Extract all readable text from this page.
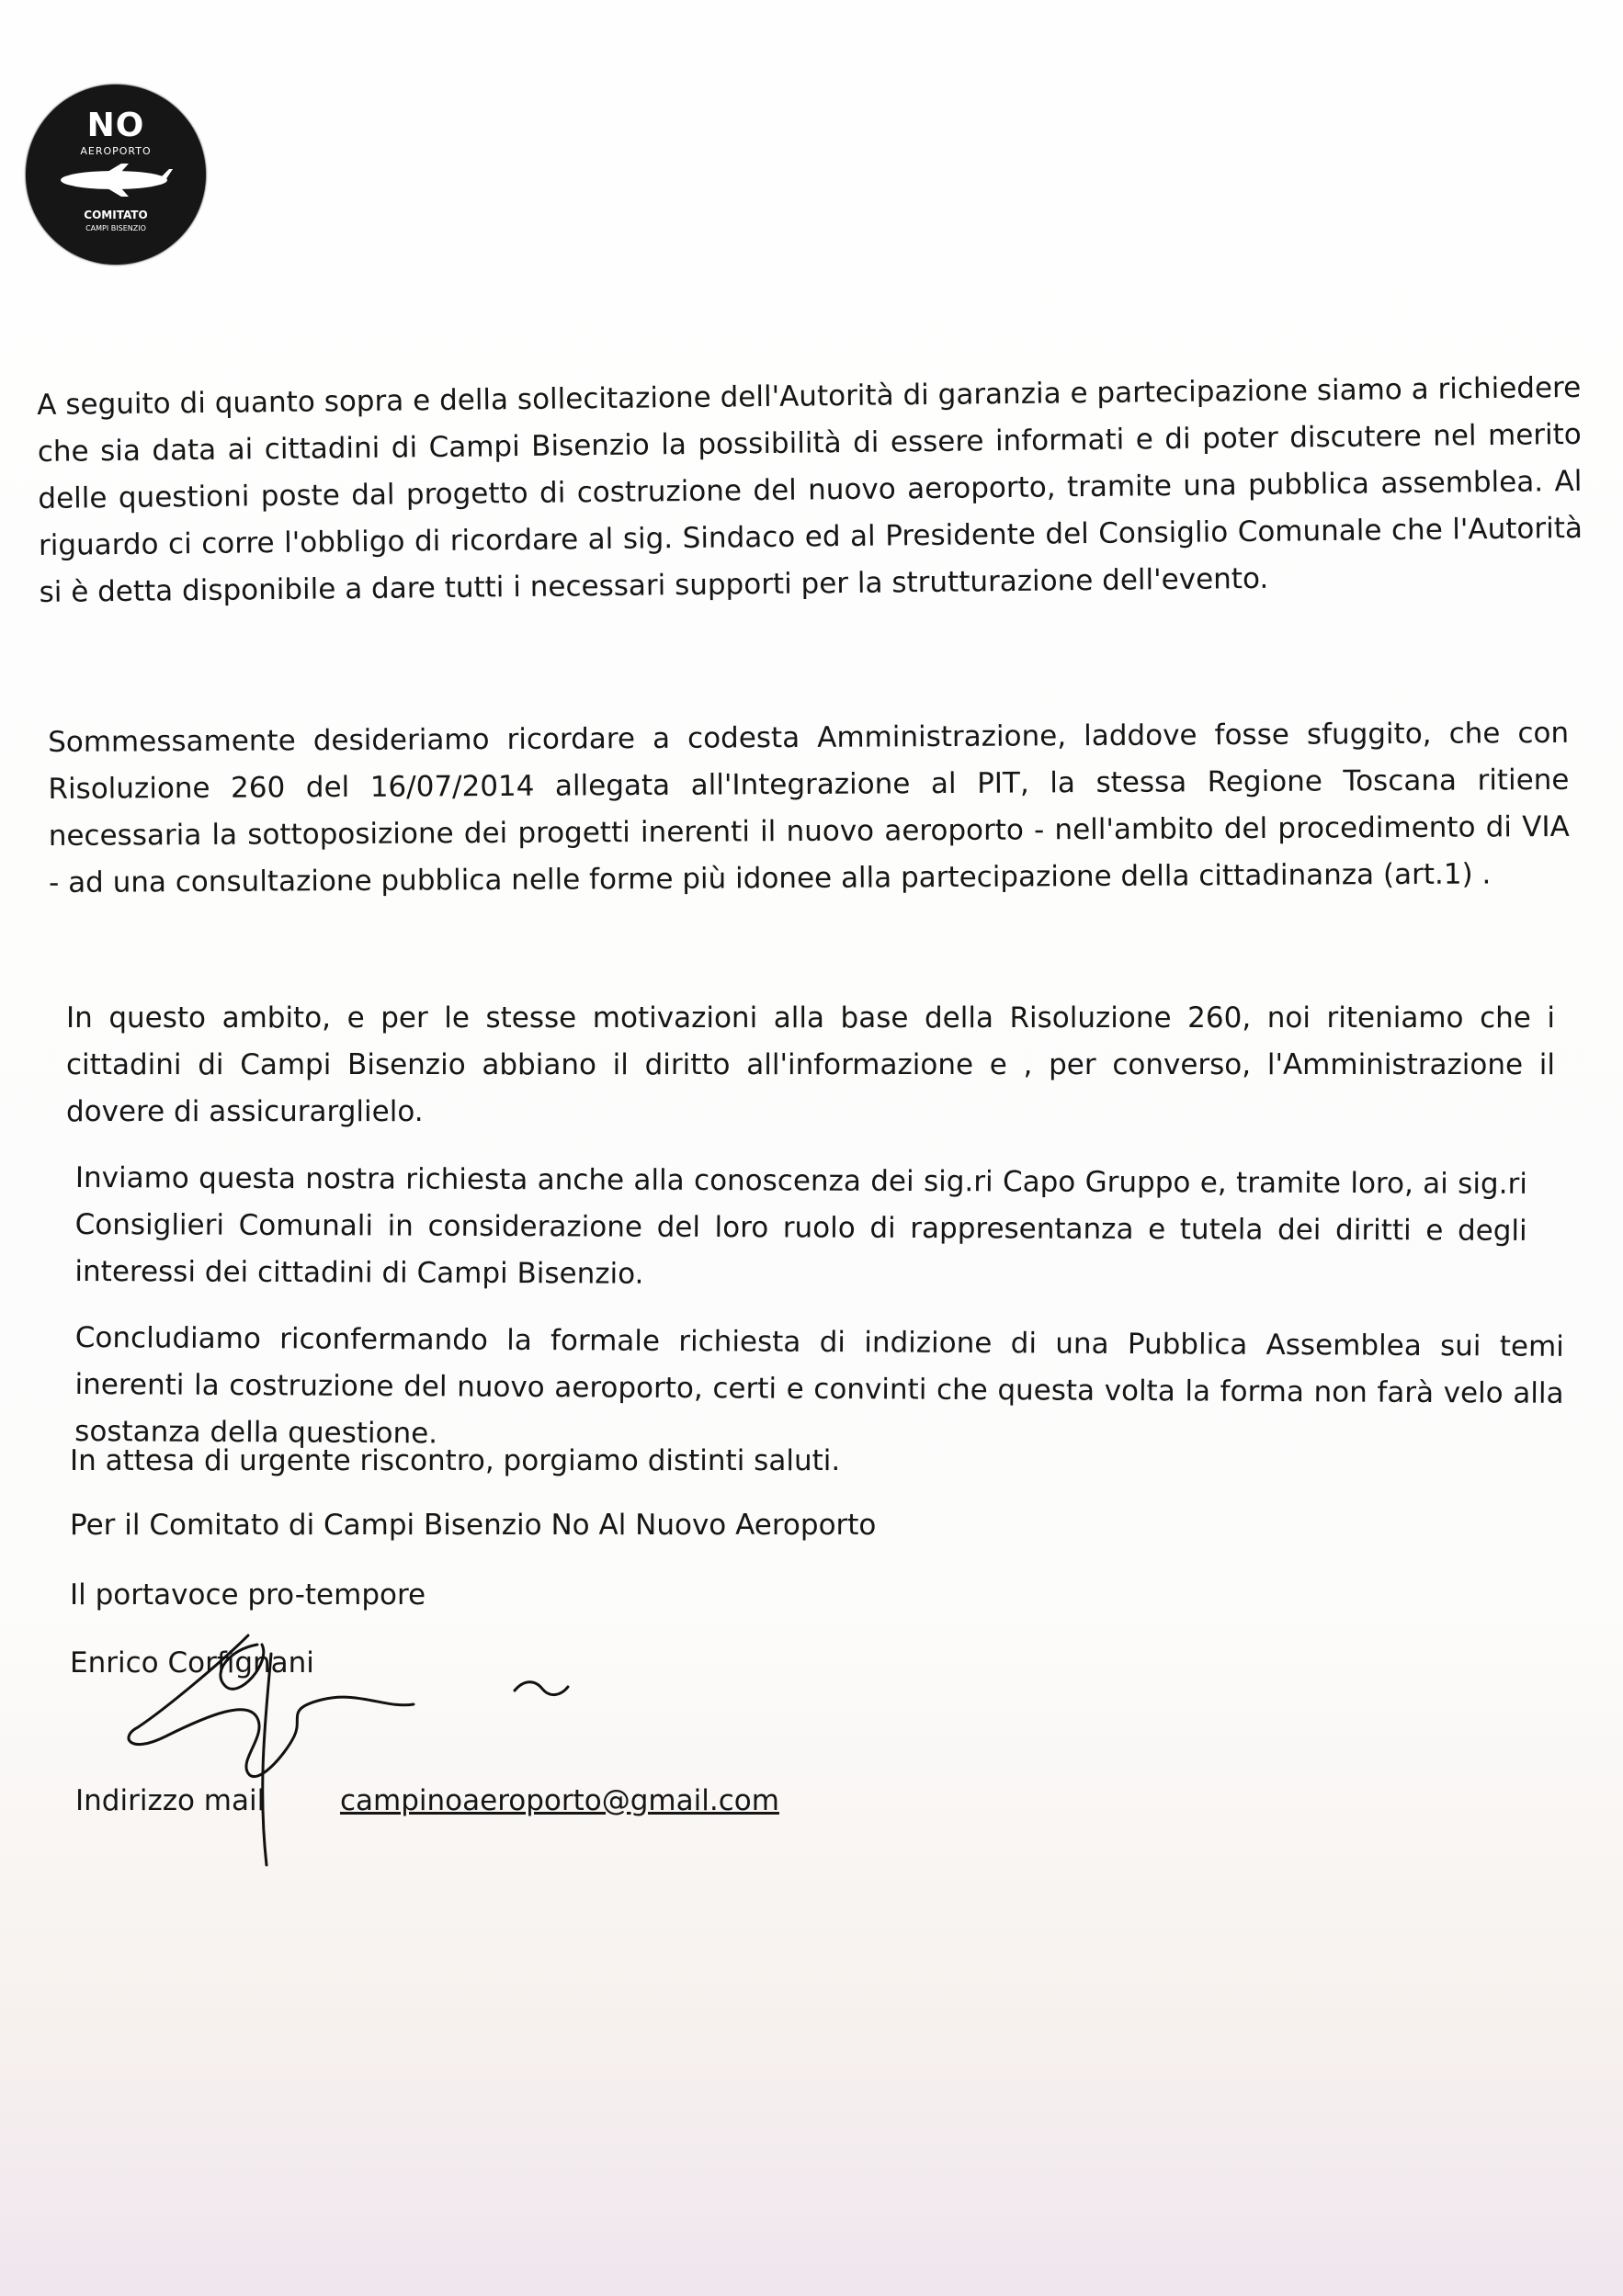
NO
AEROPORTO
COMITATO
CAMPI BISENZIO

A seguito di quanto sopra e della sollecitazione dell'Autorità di garanzia e partecipazione siamo a richiedere che sia data ai cittadini di Campi Bisenzio la possibilità di essere informati e di poter discutere nel merito delle questioni poste dal progetto di costruzione del nuovo aeroporto, tramite una pubblica assemblea. Al riguardo ci corre l'obbligo di ricordare al sig. Sindaco ed al Presidente del Consiglio Comunale che l'Autorità si è detta disponibile a dare tutti i necessari supporti per la strutturazione dell'evento.

Sommessamente desideriamo ricordare a codesta Amministrazione, laddove fosse sfuggito, che con Risoluzione 260 del 16/07/2014 allegata all'Integrazione al PIT, la stessa Regione Toscana ritiene necessaria la sottoposizione dei progetti inerenti il nuovo aeroporto - nell'ambito del procedimento di VIA - ad una consultazione pubblica nelle forme più idonee alla partecipazione della cittadinanza (art.1) .

In questo ambito, e per le stesse motivazioni alla base della Risoluzione 260, noi riteniamo che i cittadini di Campi Bisenzio abbiano il diritto all'informazione e , per converso, l'Amministrazione il dovere di assicurarglielo.

Inviamo questa nostra richiesta anche alla conoscenza dei sig.ri Capo Gruppo e, tramite loro, ai sig.ri Consiglieri Comunali in considerazione del loro ruolo di rappresentanza e tutela dei diritti e degli interessi dei cittadini di Campi Bisenzio.

Concludiamo riconfermando la formale richiesta di indizione di una Pubblica Assemblea sui temi inerenti la costruzione del nuovo aeroporto, certi e convinti che questa volta la forma non farà velo alla sostanza della questione.

In attesa di urgente riscontro, porgiamo distinti saluti.
Per il Comitato di Campi Bisenzio No Al Nuovo Aeroporto
Il portavoce pro-tempore
Enrico Corfignani
Indirizzo mail	campinoaeroporto@gmail.com
